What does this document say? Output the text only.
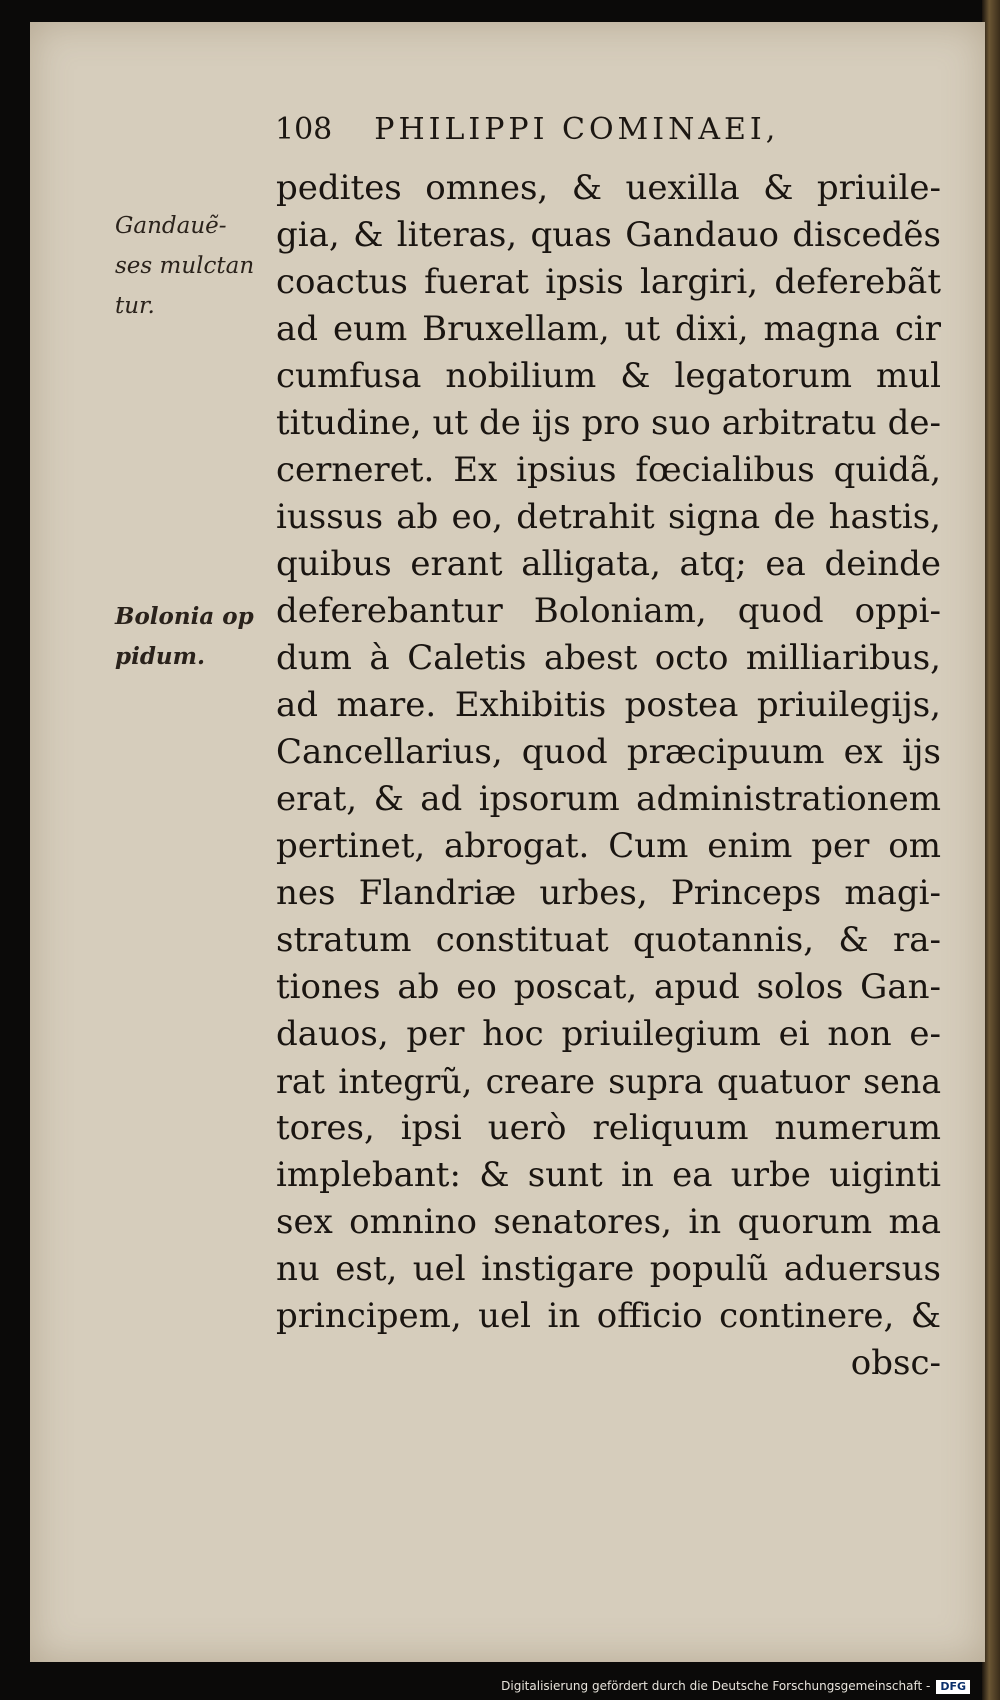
108 PHILIPPI COMINAEI,
Gandauẽ-
ses mulctan
tur.
Bolonia op
pidum.
pedites omnes, & uexilla & priuile-
gia, & literas, quas Gandauo discedẽs
coactus fuerat ipsis largiri, deferebãt
ad eum Bruxellam, ut dixi, magna cir
cumfusa nobilium & legatorum mul
titudine, ut de ijs pro suo arbitratu de-
cerneret. Ex ipsius fœcialibus quidã,
iussus ab eo, detrahit signa de hastis,
quibus erant alligata, atq; ea deinde
deferebantur Boloniam, quod oppi-
dum à Caletis abest octo milliaribus,
ad mare. Exhibitis postea priuilegijs,
Cancellarius, quod præcipuum ex ijs
erat, & ad ipsorum administrationem
pertinet, abrogat. Cum enim per om
nes Flandriæ urbes, Princeps magi-
stratum constituat quotannis, & ra-
tiones ab eo poscat, apud solos Gan-
dauos, per hoc priuilegium ei non e-
rat integrũ, creare supra quatuor sena
tores, ipsi uerò reliquum numerum
implebant: & sunt in ea urbe uiginti
sex omnino senatores, in quorum ma
nu est, uel instigare populũ aduersus
principem, uel in officio continere, &
obsc-
Digitalisierung gefördert durch die Deutsche Forschungsgemeinschaft - DFG
